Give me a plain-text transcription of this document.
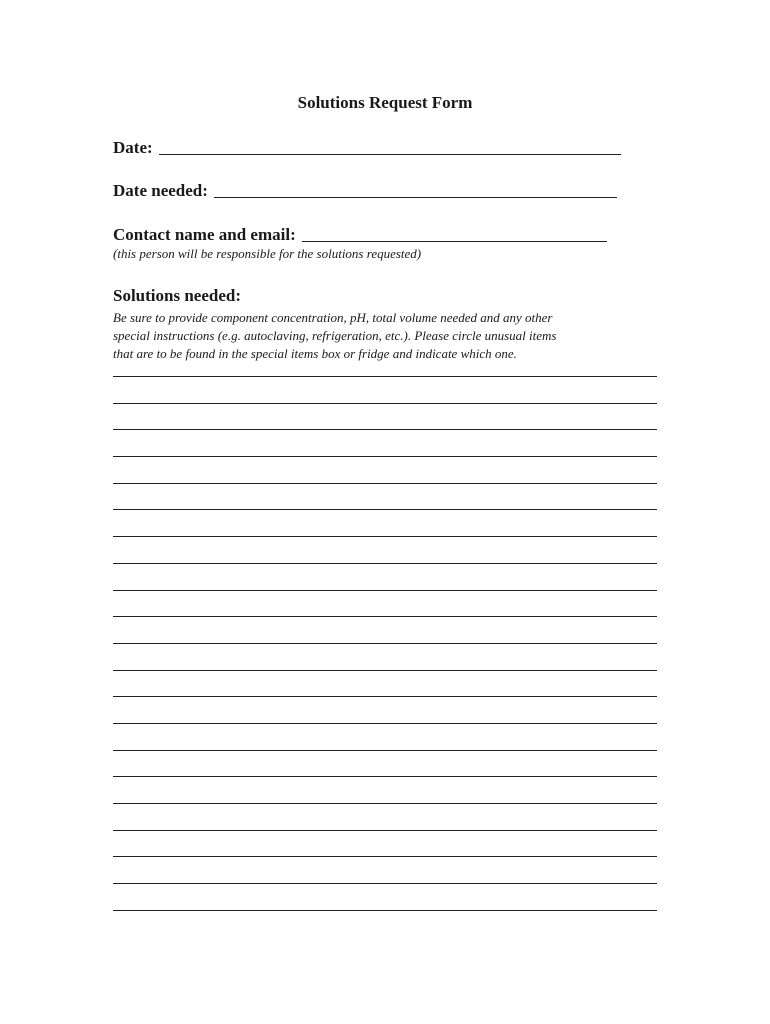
Solutions Request Form
Date:
Date needed:
Contact name and email:
(this person will be responsible for the solutions requested)
Solutions needed:
Be sure to provide component concentration, pH, total volume needed and any other
special instructions (e.g. autoclaving, refrigeration, etc.). Please circle unusual items
that are to be found in the special items box or fridge and indicate which one.
